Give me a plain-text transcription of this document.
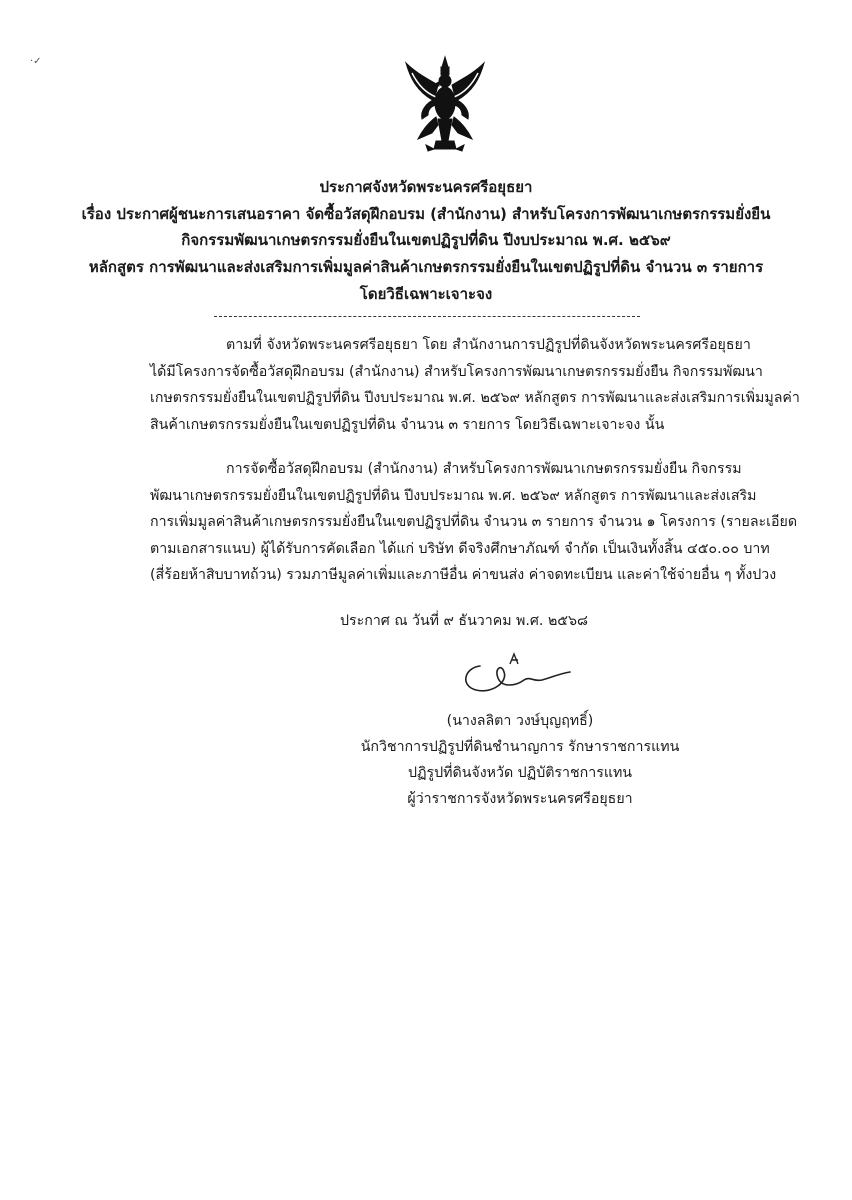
·✓
ประกาศจังหวัดพระนครศรีอยุธยา
เรื่อง ประกาศผู้ชนะการเสนอราคา จัดซื้อวัสดุฝึกอบรม (สำนักงาน) สำหรับโครงการพัฒนาเกษตรกรรมยั่งยืน
กิจกรรมพัฒนาเกษตรกรรมยั่งยืนในเขตปฏิรูปที่ดิน ปีงบประมาณ พ.ศ. ๒๕๖๙
หลักสูตร การพัฒนาและส่งเสริมการเพิ่มมูลค่าสินค้าเกษตรกรรมยั่งยืนในเขตปฏิรูปที่ดิน จำนวน ๓ รายการ
โดยวิธีเฉพาะเจาะจง
ตามที่ จังหวัดพระนครศรีอยุธยา โดย สำนักงานการปฏิรูปที่ดินจังหวัดพระนครศรีอยุธยา
ได้มีโครงการจัดซื้อวัสดุฝึกอบรม (สำนักงาน) สำหรับโครงการพัฒนาเกษตรกรรมยั่งยืน กิจกรรมพัฒนา
เกษตรกรรมยั่งยืนในเขตปฏิรูปที่ดิน ปีงบประมาณ พ.ศ. ๒๕๖๙ หลักสูตร การพัฒนาและส่งเสริมการเพิ่มมูลค่า
สินค้าเกษตรกรรมยั่งยืนในเขตปฏิรูปที่ดิน จำนวน ๓ รายการ โดยวิธีเฉพาะเจาะจง นั้น
การจัดซื้อวัสดุฝึกอบรม (สำนักงาน) สำหรับโครงการพัฒนาเกษตรกรรมยั่งยืน กิจกรรม
พัฒนาเกษตรกรรมยั่งยืนในเขตปฏิรูปที่ดิน ปีงบประมาณ พ.ศ. ๒๕๖๙ หลักสูตร การพัฒนาและส่งเสริม
การเพิ่มมูลค่าสินค้าเกษตรกรรมยั่งยืนในเขตปฏิรูปที่ดิน จำนวน ๓ รายการ จำนวน ๑ โครงการ (รายละเอียด
ตามเอกสารแนบ) ผู้ได้รับการคัดเลือก ได้แก่ บริษัท ดีจริงศึกษาภัณฑ์ จำกัด เป็นเงินทั้งสิ้น ๔๕๐.๐๐ บาท
(สี่ร้อยห้าสิบบาทถ้วน) รวมภาษีมูลค่าเพิ่มและภาษีอื่น ค่าขนส่ง ค่าจดทะเบียน และค่าใช้จ่ายอื่น ๆ ทั้งปวง
ประกาศ ณ วันที่ ๙ ธันวาคม พ.ศ. ๒๕๖๘
(นางลลิตา วงษ์บุญฤทธิ์)
นักวิชาการปฏิรูปที่ดินชำนาญการ รักษาราชการแทน
ปฏิรูปที่ดินจังหวัด ปฏิบัติราชการแทน
ผู้ว่าราชการจังหวัดพระนครศรีอยุธยา
